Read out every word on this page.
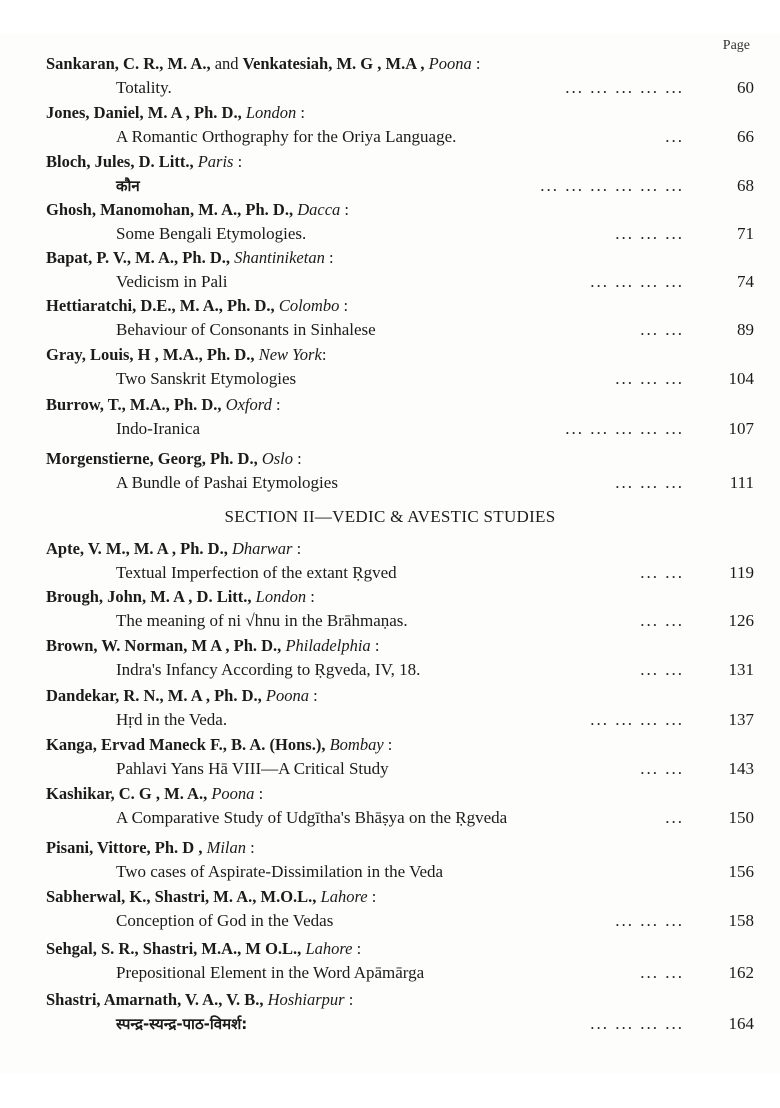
Page
Sankaran, C. R., M. A., and Venkatesiah, M. G , M.A , Poona :
Totality.	... ... ... ... ...	60
Jones, Daniel, M. A , Ph. D., London :
A Romantic Orthography for the Oriya Language.	...	66
Bloch, Jules, D. Litt., Paris :
कौन	... ... ... ... ... ...	68
Ghosh, Manomohan, M. A., Ph. D., Dacca :
Some Bengali Etymologies.	... ... ...	71
Bapat, P. V., M. A., Ph. D., Shantiniketan :
Vedicism in Pali	... ... ... ...	74
Hettiaratchi, D.E., M. A., Ph. D., Colombo :
Behaviour of Consonants in Sinhalese	... ...	89
Gray, Louis, H , M.A., Ph. D., New York:
Two Sanskrit Etymologies	... ... ...	104
Burrow, T., M.A., Ph. D., Oxford :
Indo-Iranica	... ... ... ... ...	107
Morgenstierne, Georg, Ph. D., Oslo :
A Bundle of Pashai Etymologies	... ... ...	111
SECTION II—VEDIC & AVESTIC STUDIES
Apte, V. M., M. A , Ph. D., Dharwar :
Textual Imperfection of the extant Ṛgved	... ...	119
Brough, John, M. A , D. Litt., London :
The meaning of ni √hnu in the Brāhmaṇas.	... ...	126
Brown, W. Norman, M A , Ph. D., Philadelphia :
Indra's Infancy According to Ṛgveda, IV, 18.	... ...	131
Dandekar, R. N., M. A , Ph. D., Poona :
Hṛd in the Veda.	... ... ... ...	137
Kanga, Ervad Maneck F., B. A. (Hons.), Bombay :
Pahlavi Yans Hā VIII—A Critical Study	... ...	143
Kashikar, C. G , M. A., Poona :
A Comparative Study of Udgītha's Bhāṣya on the Ṛgveda	...	150
Pisani, Vittore, Ph. D , Milan :
Two cases of Aspirate-Dissimilation in the Veda	156
Sabherwal, K., Shastri, M. A., M.O.L., Lahore :
Conception of God in the Vedas	... ... ...	158
Sehgal, S. R., Shastri, M.A., M O.L., Lahore :
Prepositional Element in the Word Apāmārga	... ...	162
Shastri, Amarnath, V. A., V. B., Hoshiarpur :
स्पन्द्र-स्यन्द्र-पाठ-विमर्श:	... ... ... ...	164
